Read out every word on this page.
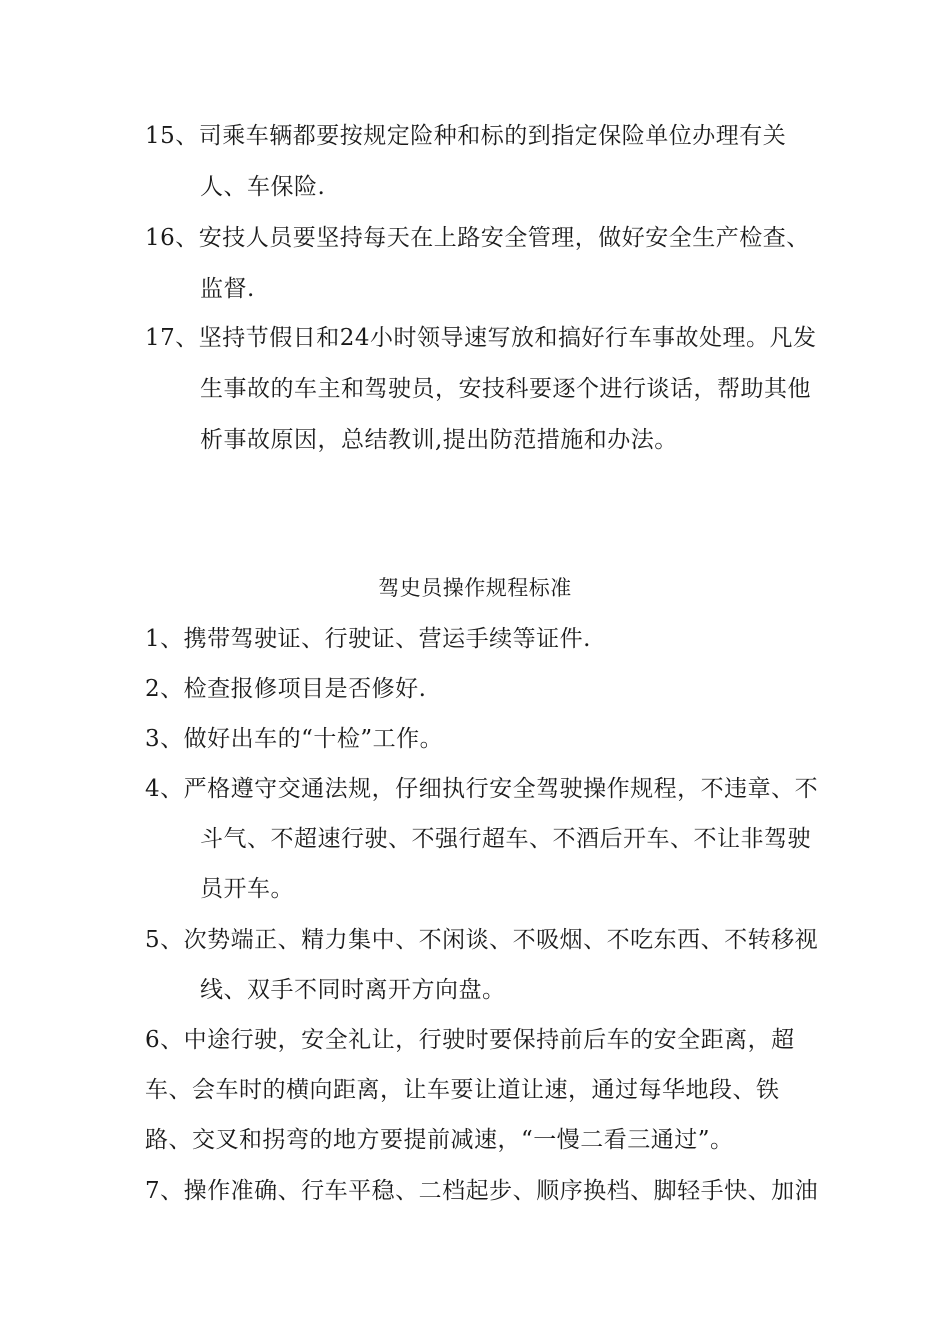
15、司乘车辆都要按规定险种和标的到指定保险单位办理有关
人、车保险.
16、安技人员要坚持每天在上路安全管理，做好安全生产检查、
监督.
17、坚持节假日和24小时领导速写放和搞好行车事故处理。凡发
生事故的车主和驾驶员，安技科要逐个进行谈话，帮助其他
析事故原因，总结教训,提出防范措施和办法。
驾史员操作规程标准
1、携带驾驶证、行驶证、营运手续等证件.
2、检查报修项目是否修好.
3、做好出车的“十检”工作。
4、严格遵守交通法规，仔细执行安全驾驶操作规程，不违章、不
斗气、不超速行驶、不强行超车、不酒后开车、不让非驾驶
员开车。
5、次势端正、精力集中、不闲谈、不吸烟、不吃东西、不转移视
线、双手不同时离开方向盘。
6、中途行驶，安全礼让，行驶时要保持前后车的安全距离，超
车、会车时的横向距离，让车要让道让速，通过每华地段、铁
路、交叉和拐弯的地方要提前减速，“一慢二看三通过”。
7、操作准确、行车平稳、二档起步、顺序换档、脚轻手快、加油
